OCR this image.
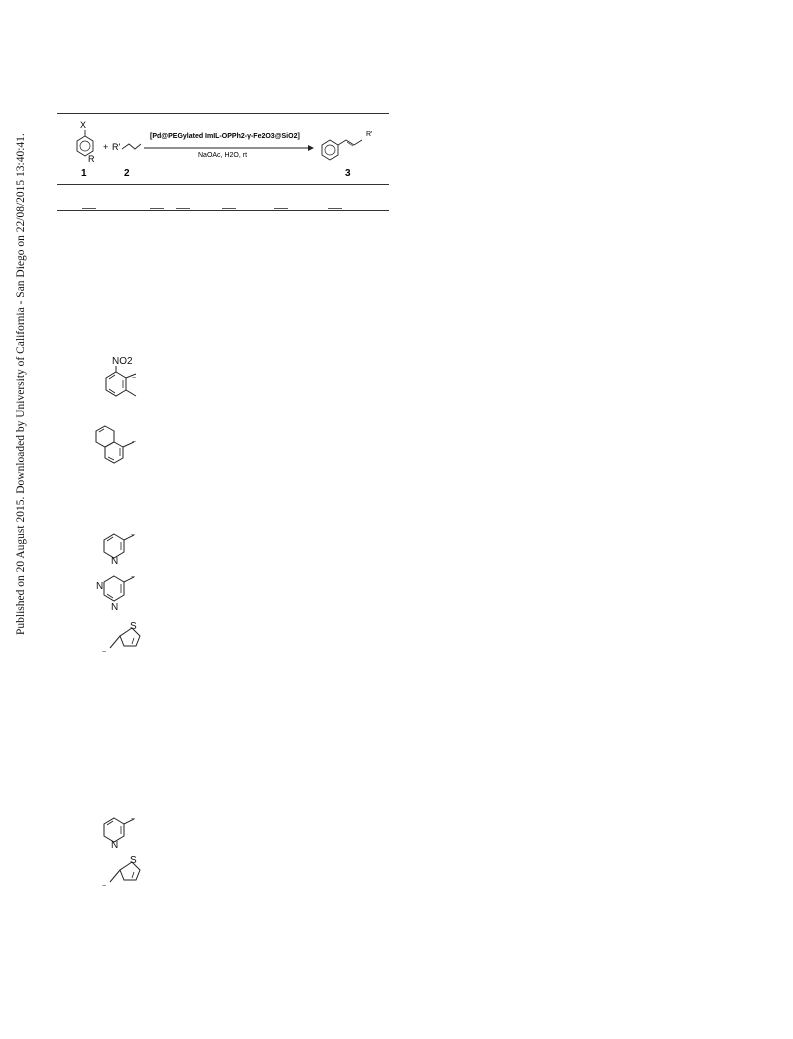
Published on 20 August 2015. Downloaded by University of California - San Diego on 22/08/2015 13:40:41.
X
R
+ R'
[Pd@PEGylated ImIL-OPPh2-γ-Fe2O3@SiO2]
NaOAc, H2O, rt
R'
1	2	3
~
NO2
~
~
N
~
N
N
~
S
~
N
~
S
